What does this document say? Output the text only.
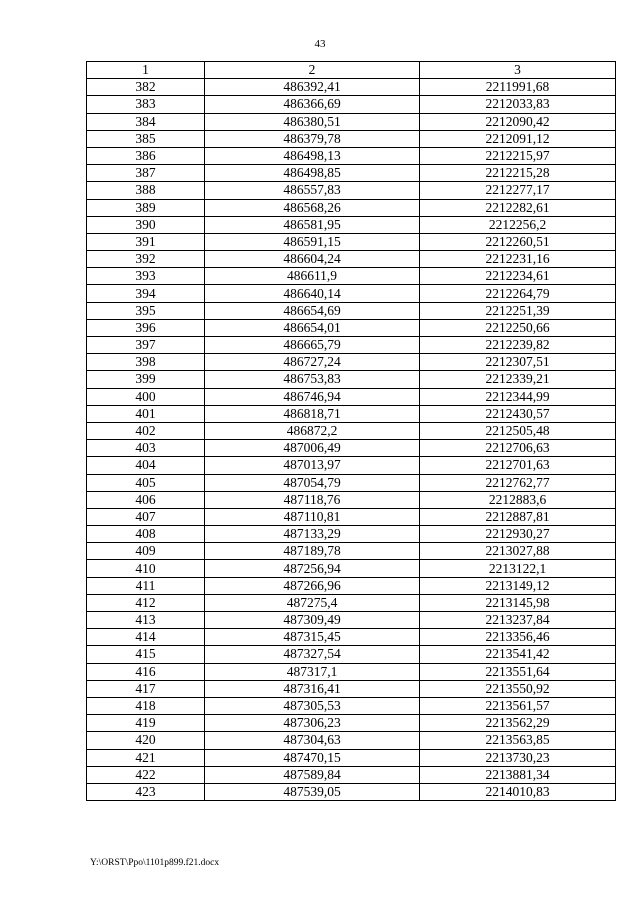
43
1	2	3
382	486392,41	2211991,68
383	486366,69	2212033,83
384	486380,51	2212090,42
385	486379,78	2212091,12
386	486498,13	2212215,97
387	486498,85	2212215,28
388	486557,83	2212277,17
389	486568,26	2212282,61
390	486581,95	2212256,2
391	486591,15	2212260,51
392	486604,24	2212231,16
393	486611,9	2212234,61
394	486640,14	2212264,79
395	486654,69	2212251,39
396	486654,01	2212250,66
397	486665,79	2212239,82
398	486727,24	2212307,51
399	486753,83	2212339,21
400	486746,94	2212344,99
401	486818,71	2212430,57
402	486872,2	2212505,48
403	487006,49	2212706,63
404	487013,97	2212701,63
405	487054,79	2212762,77
406	487118,76	2212883,6
407	487110,81	2212887,81
408	487133,29	2212930,27
409	487189,78	2213027,88
410	487256,94	2213122,1
411	487266,96	2213149,12
412	487275,4	2213145,98
413	487309,49	2213237,84
414	487315,45	2213356,46
415	487327,54	2213541,42
416	487317,1	2213551,64
417	487316,41	2213550,92
418	487305,53	2213561,57
419	487306,23	2213562,29
420	487304,63	2213563,85
421	487470,15	2213730,23
422	487589,84	2213881,34
423	487539,05	2214010,83
Y:\ORST\Ppo\1101p899.f21.docx
